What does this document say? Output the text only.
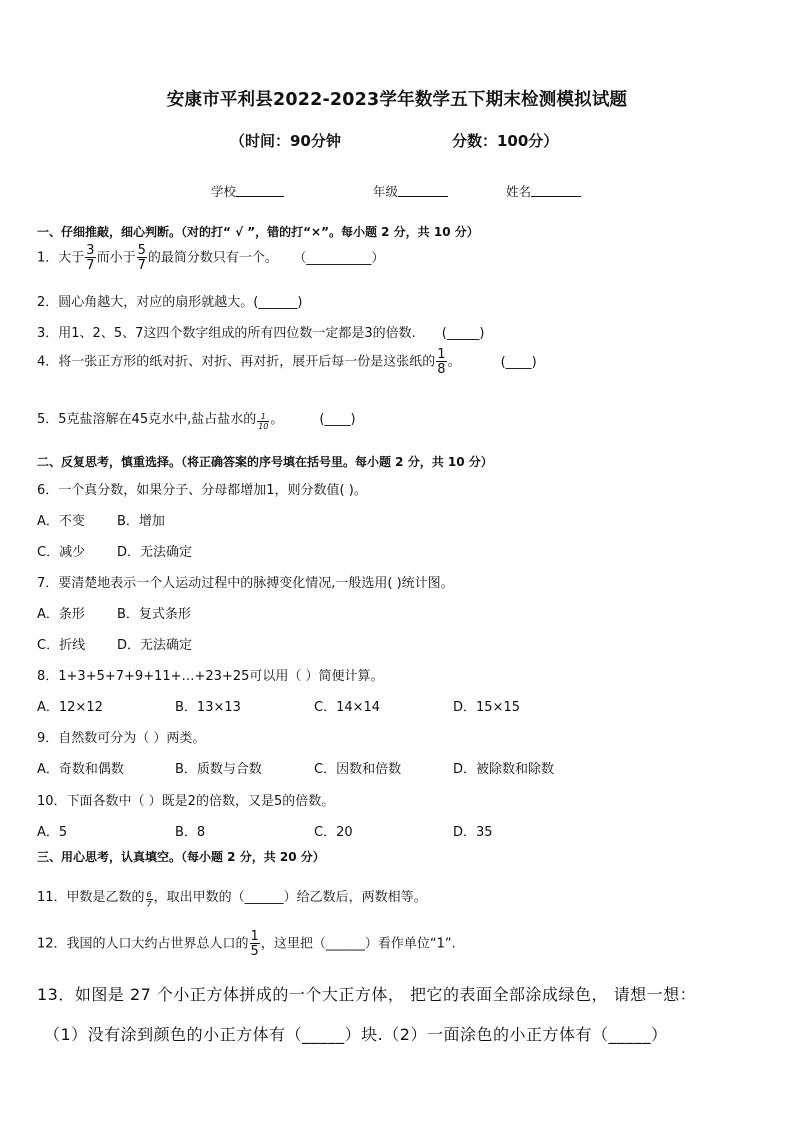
安康市平利县2022-2023学年数学五下期末检测模拟试题
（时间：90分钟	分数：100分）
学校	年级	姓名
一、仔细推敲，细心判断。（对的打“ √ ”，错的打“×”。每小题 2 分，共 10 分）
1．大于 $\frac{3}{7}$ 而小于 $\frac{5}{7}$ 的最简分数只有一个。 （__________）
2．圆心角越大，对应的扇形就越大。(______)
3．用1、2、5、7这四个数字组成的所有四位数一定都是3的倍数.　　(_____)
4．将一张正方形的纸对折、对折、再对折，展开后每一份是这张纸的 $\frac{1}{8}$ 。	(____)
5．5克盐溶解在45克水中,盐占盐水的 $\frac{1}{10}$ 。	(____)
二、反复思考，慎重选择。（将正确答案的序号填在括号里。每小题 2 分，共 10 分）
6．一个真分数，如果分子、分母都增加1，则分数值( )。
A．不变 B．增加
C．减少 D．无法确定
7．要清楚地表示一个人运动过程中的脉搏变化情况,一般选用( )统计图。
A．条形 B．复式条形
C．折线 D．无法确定
8．1+3+5+7+9+11+…+23+25可以用（ ）简便计算。
A．12×12	B．13×13	C．14×14	D．15×15
9．自然数可分为（ ）两类。
A．奇数和偶数	B．质数与合数	C．因数和倍数	D．被除数和除数
10．下面各数中（ ）既是2的倍数，又是5的倍数。
A．5	B．8	C．20	D．35
三、用心思考，认真填空。（每小题 2 分，共 20 分）
11．甲数是乙数的 $\frac{6}{7}$ ，取出甲数的（______）给乙数后，两数相等。
12．我国的人口大约占世界总人口的 $\frac{1}{5}$ ，这里把（______）看作单位“1”.
13．如图是 27 个小正方体拼成的一个大正方体， 把它的表面全部涂成绿色， 请想一想：
（1）没有涂到颜色的小正方体有（_____）块.（2）一面涂色的小正方体有（_____）
